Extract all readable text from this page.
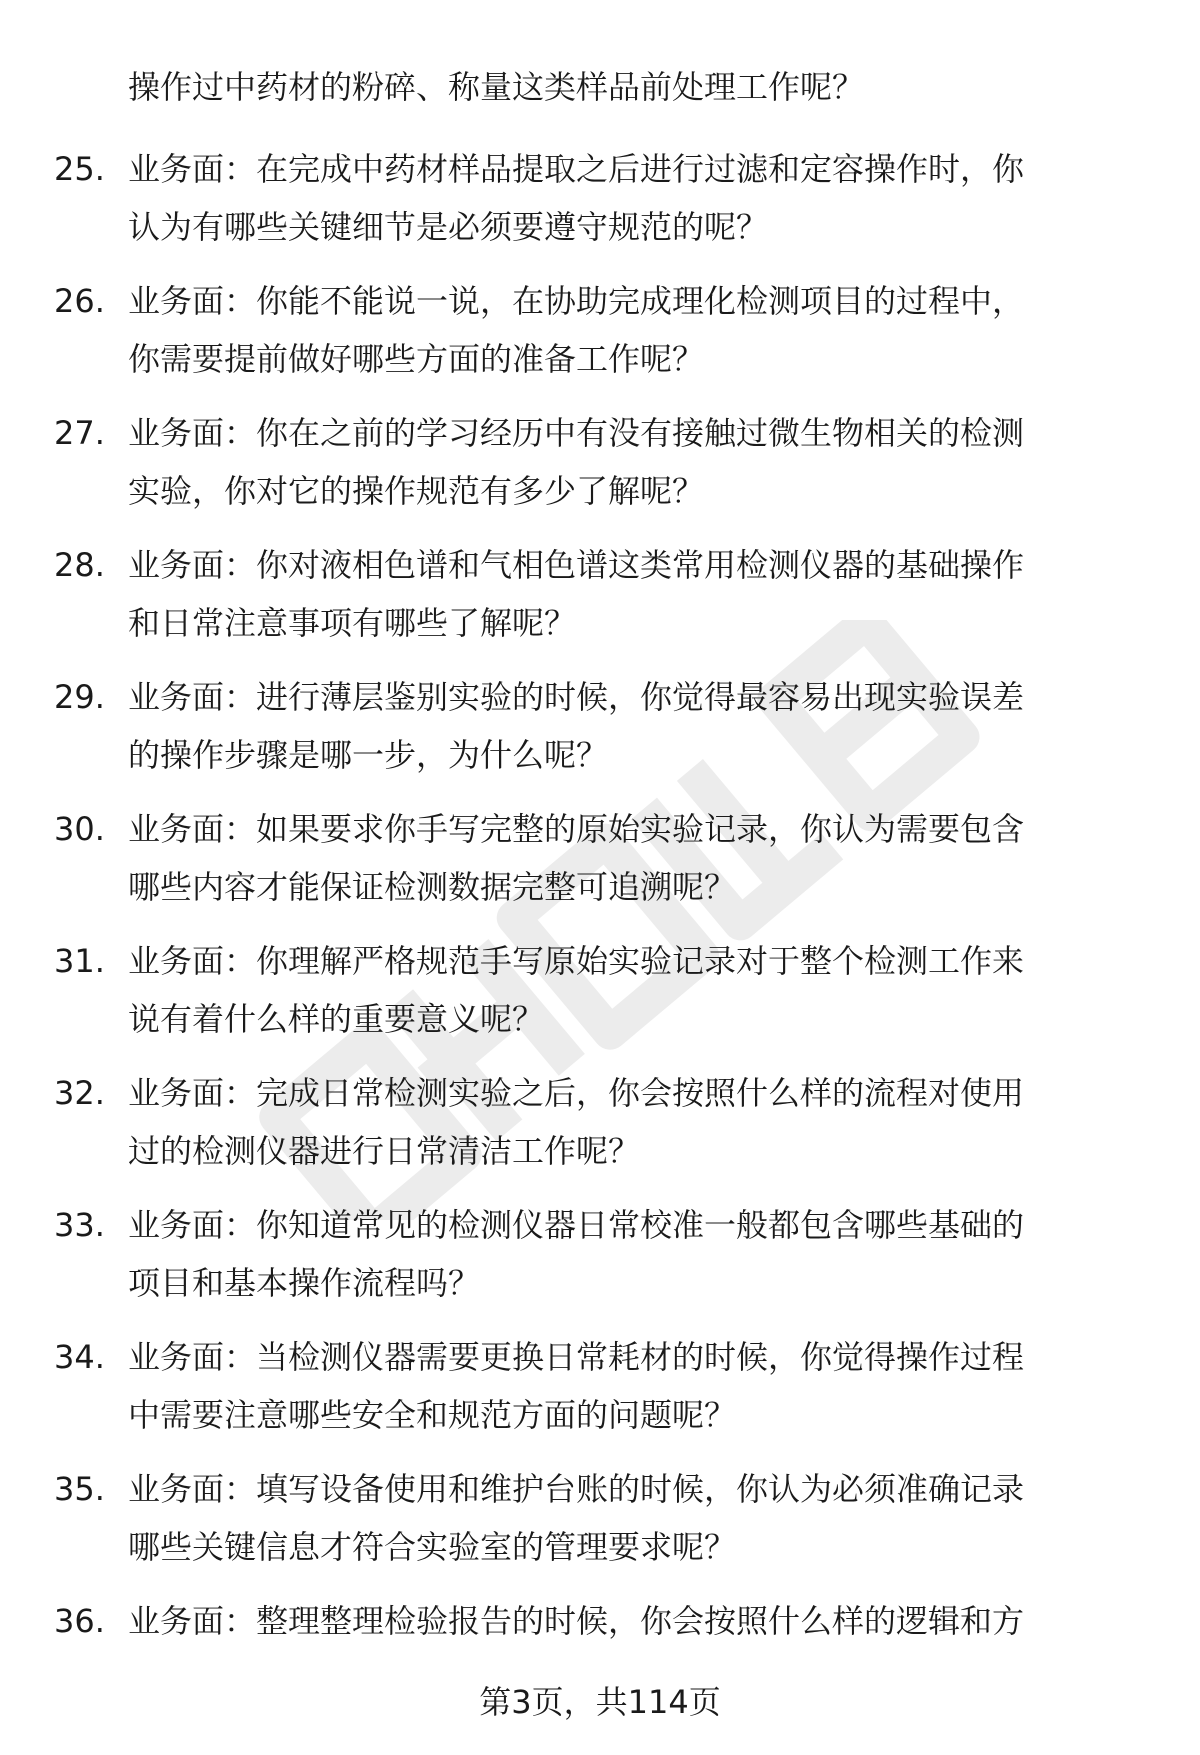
操作过中药材的粉碎、称量这类样品前处理工作呢？
25. 业务面：在完成中药材样品提取之后进行过滤和定容操作时，你
认为有哪些关键细节是必须要遵守规范的呢？
26. 业务面：你能不能说一说，在协助完成理化检测项目的过程中，
你需要提前做好哪些方面的准备工作呢？
27. 业务面：你在之前的学习经历中有没有接触过微生物相关的检测
实验，你对它的操作规范有多少了解呢？
28. 业务面：你对液相色谱和气相色谱这类常用检测仪器的基础操作
和日常注意事项有哪些了解呢？
29. 业务面：进行薄层鉴别实验的时候，你觉得最容易出现实验误差
的操作步骤是哪一步，为什么呢？
30. 业务面：如果要求你手写完整的原始实验记录，你认为需要包含
哪些内容才能保证检测数据完整可追溯呢？
31. 业务面：你理解严格规范手写原始实验记录对于整个检测工作来
说有着什么样的重要意义呢？
32. 业务面：完成日常检测实验之后，你会按照什么样的流程对使用
过的检测仪器进行日常清洁工作呢？
33. 业务面：你知道常见的检测仪器日常校准一般都包含哪些基础的
项目和基本操作流程吗？
34. 业务面：当检测仪器需要更换日常耗材的时候，你觉得操作过程
中需要注意哪些安全和规范方面的问题呢？
35. 业务面：填写设备使用和维护台账的时候，你认为必须准确记录
哪些关键信息才符合实验室的管理要求呢？
36. 业务面：整理整理检验报告的时候，你会按照什么样的逻辑和方
第3页，共114页
